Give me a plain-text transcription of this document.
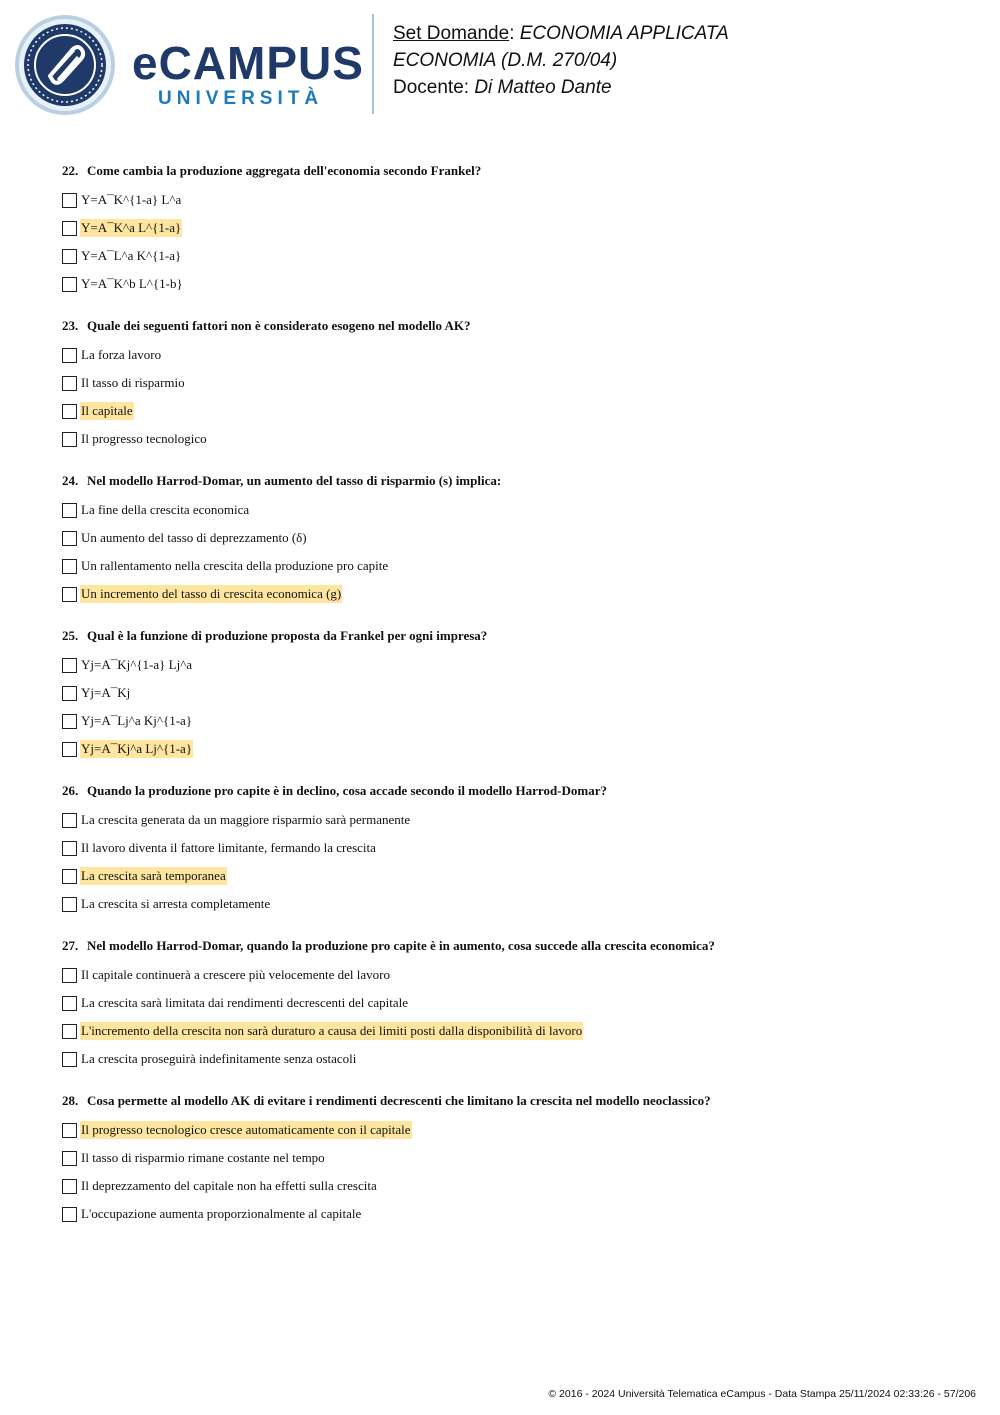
eCAMPUS
UNIVERSITÀ
Set Domande: ECONOMIA APPLICATA
ECONOMIA (D.M. 270/04)
Docente: Di Matteo Dante
22. Come cambia la produzione aggregata dell'economia secondo Frankel?
Y=A¯K^{1-a} L^a
Y=A¯K^a L^{1-a}
Y=A¯L^a K^{1-a}
Y=A¯K^b L^{1-b}
23. Quale dei seguenti fattori non è considerato esogeno nel modello AK?
La forza lavoro
Il tasso di risparmio
Il capitale
Il progresso tecnologico
24. Nel modello Harrod-Domar, un aumento del tasso di risparmio (s) implica:
La fine della crescita economica
Un aumento del tasso di deprezzamento (δ)
Un rallentamento nella crescita della produzione pro capite
Un incremento del tasso di crescita economica (g)
25. Qual è la funzione di produzione proposta da Frankel per ogni impresa?
Yj=A¯Kj^{1-a} Lj^a
Yj=A¯Kj
Yj=A¯Lj^a Kj^{1-a}
Yj=A¯Kj^a Lj^{1-a}
26. Quando la produzione pro capite è in declino, cosa accade secondo il modello Harrod-Domar?
La crescita generata da un maggiore risparmio sarà permanente
Il lavoro diventa il fattore limitante, fermando la crescita
La crescita sarà temporanea
La crescita si arresta completamente
27. Nel modello Harrod-Domar, quando la produzione pro capite è in aumento, cosa succede alla crescita economica?
Il capitale continuerà a crescere più velocemente del lavoro
La crescita sarà limitata dai rendimenti decrescenti del capitale
L'incremento della crescita non sarà duraturo a causa dei limiti posti dalla disponibilità di lavoro
La crescita proseguirà indefinitamente senza ostacoli
28. Cosa permette al modello AK di evitare i rendimenti decrescenti che limitano la crescita nel modello neoclassico?
Il progresso tecnologico cresce automaticamente con il capitale
Il tasso di risparmio rimane costante nel tempo
Il deprezzamento del capitale non ha effetti sulla crescita
L'occupazione aumenta proporzionalmente al capitale
© 2016 - 2024 Università Telematica eCampus - Data Stampa 25/11/2024 02:33:26 - 57/206
